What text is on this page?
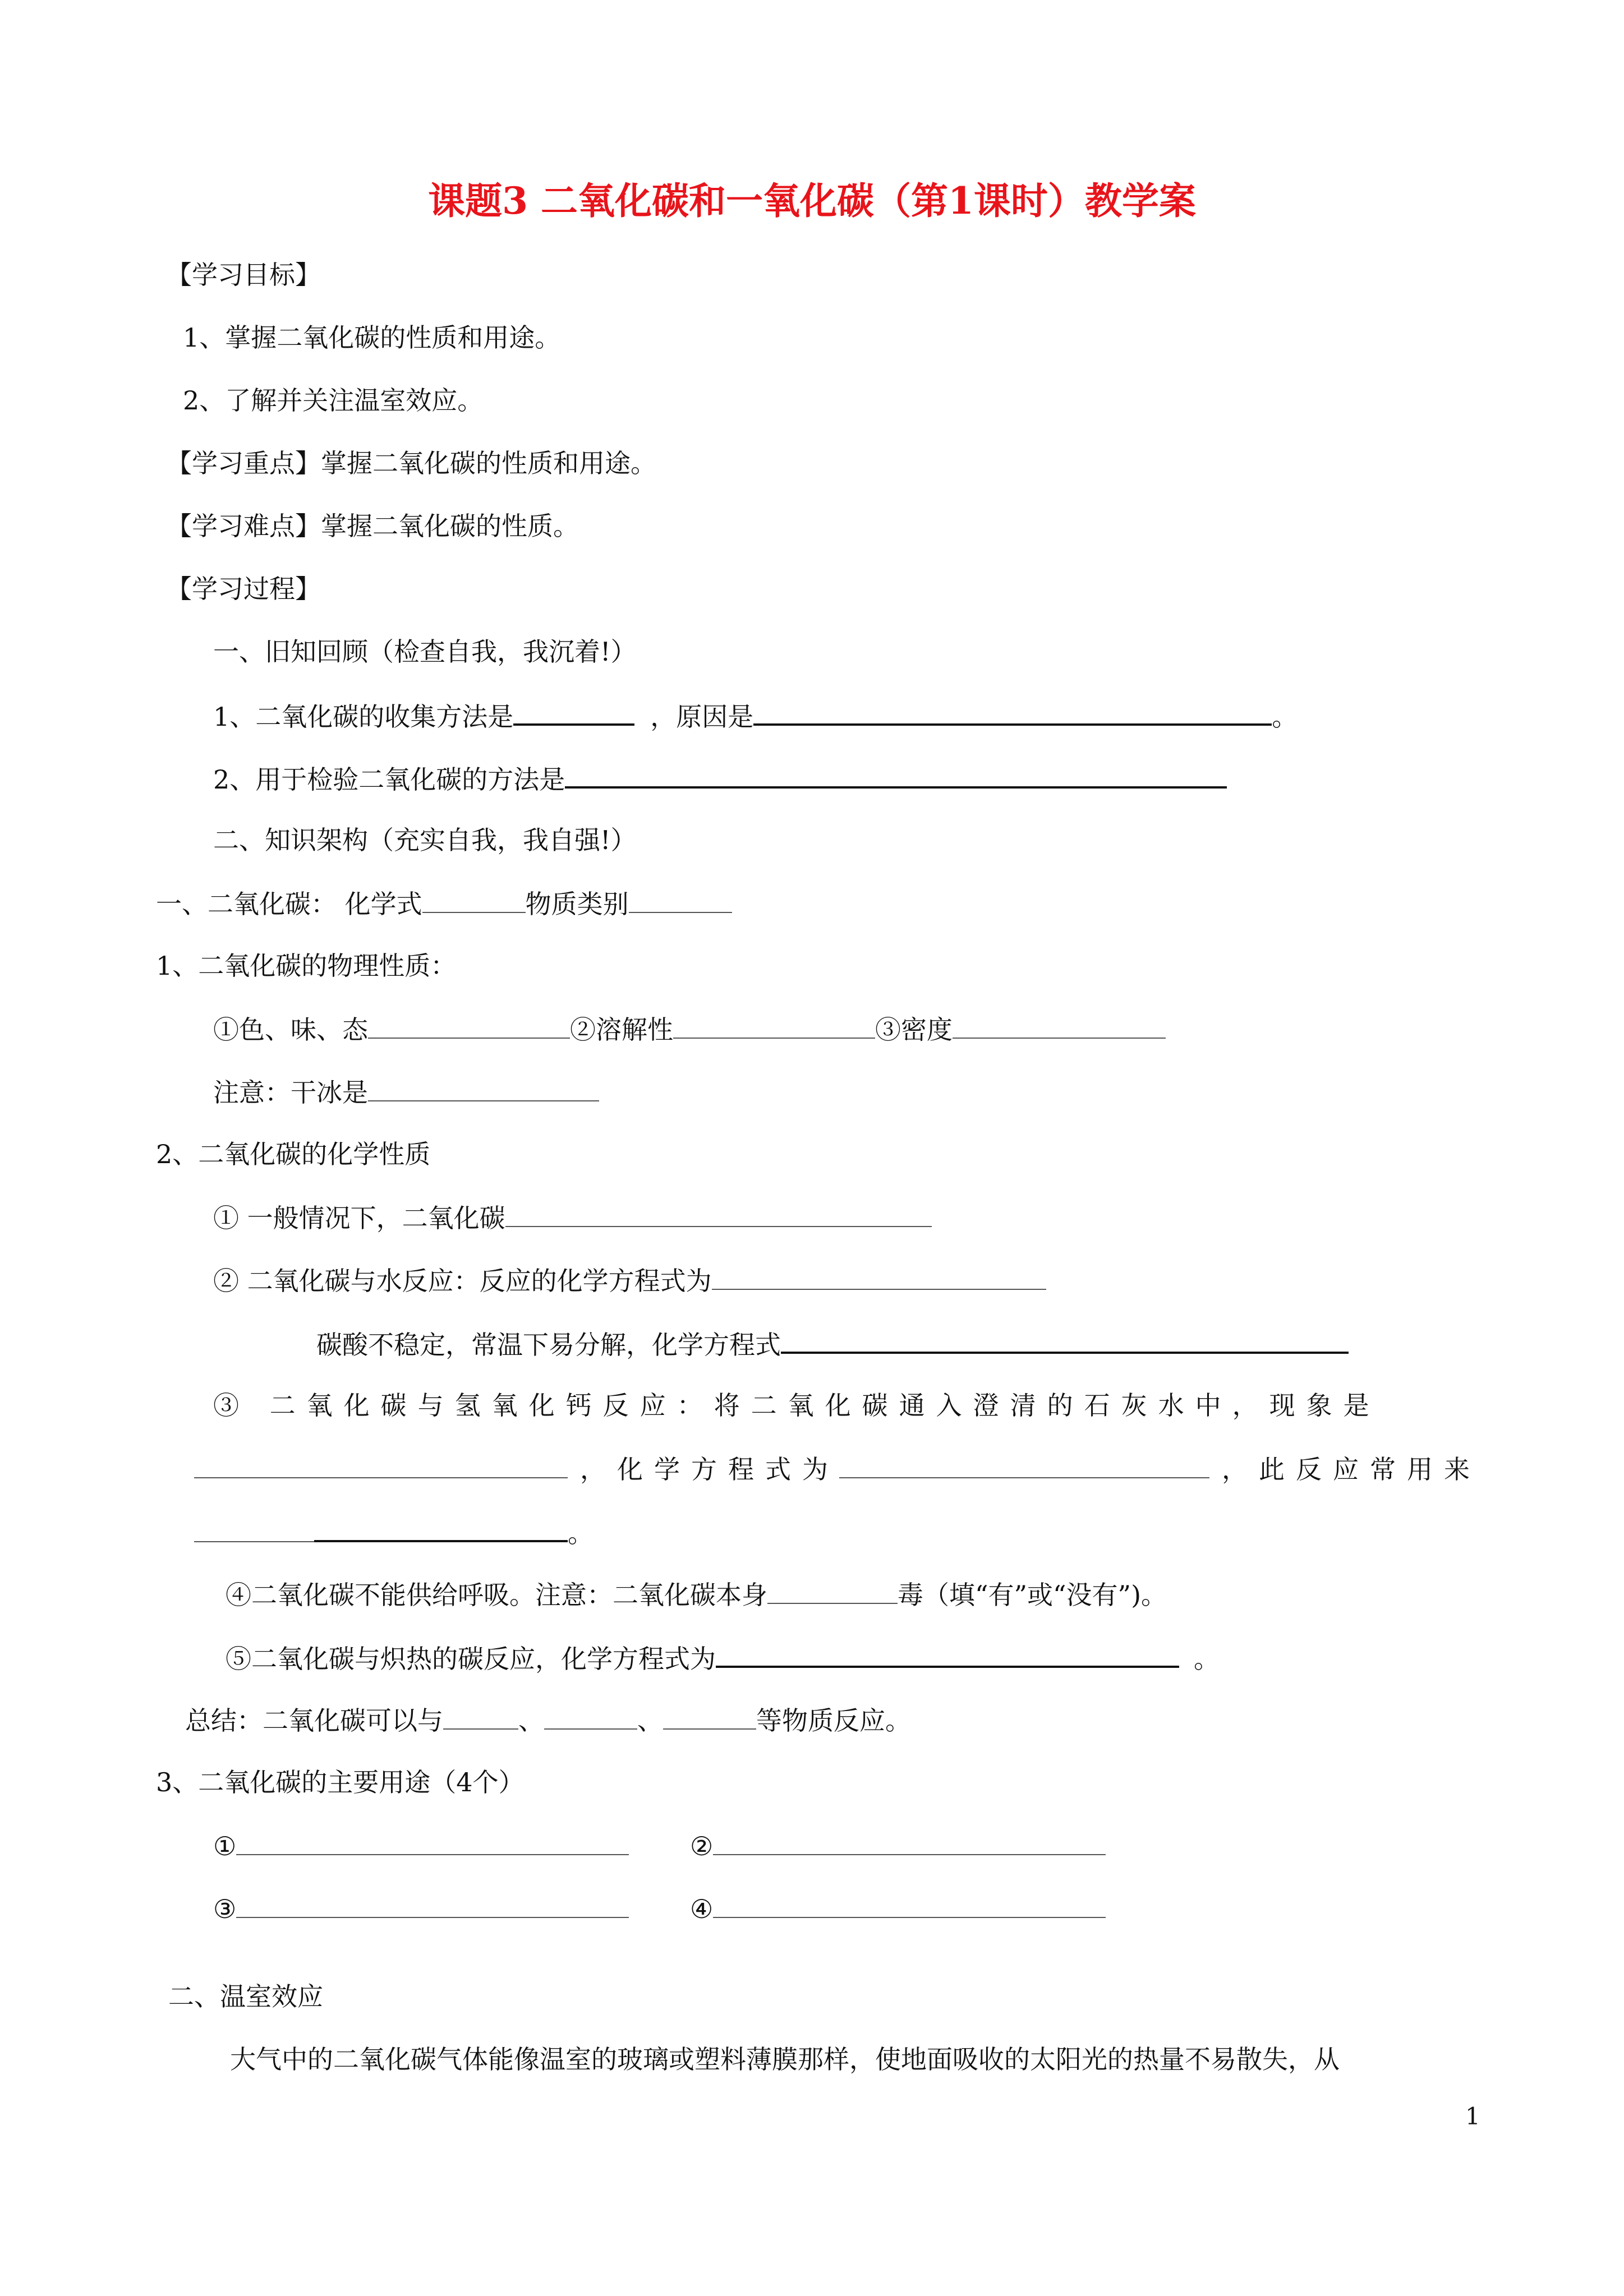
课题3 二氧化碳和一氧化碳（第1课时）教学案
【学习目标】
1、掌握二氧化碳的性质和用途。
2、了解并关注温室效应。
【学习重点】掌握二氧化碳的性质和用途。
【学习难点】掌握二氧化碳的性质。
【学习过程】
一、旧知回顾（检查自我，我沉着!）
1、二氧化碳的收集方法是	，原因是	。
2、用于检验二氧化碳的方法是
二、知识架构（充实自我，我自强!）
一、二氧化碳： 化学式	物质类别
1、二氧化碳的物理性质：
①色、味、态	②溶解性	③密度
注意：干冰是
2、二氧化碳的化学性质
① 一般情况下，二氧化碳
② 二氧化碳与水反应：反应的化学方程式为
碳酸不稳定，常温下易分解，化学方程式
③ 二氧化碳与氢氧化钙反应：将二氧化碳通入澄清的石灰水中，现象是
，化学方程式为	，此反应常用来
。
④二氧化碳不能供给呼吸。注意：二氧化碳本身	毒（填“有”或“没有”)。
⑤二氧化碳与炽热的碳反应，化学方程式为	。
总结：二氧化碳可以与	、	、	等物质反应。
3、二氧化碳的主要用途（4个）
①	②
③	④
二、温室效应
大气中的二氧化碳气体能像温室的玻璃或塑料薄膜那样，使地面吸收的太阳光的热量不易散失，从
1
